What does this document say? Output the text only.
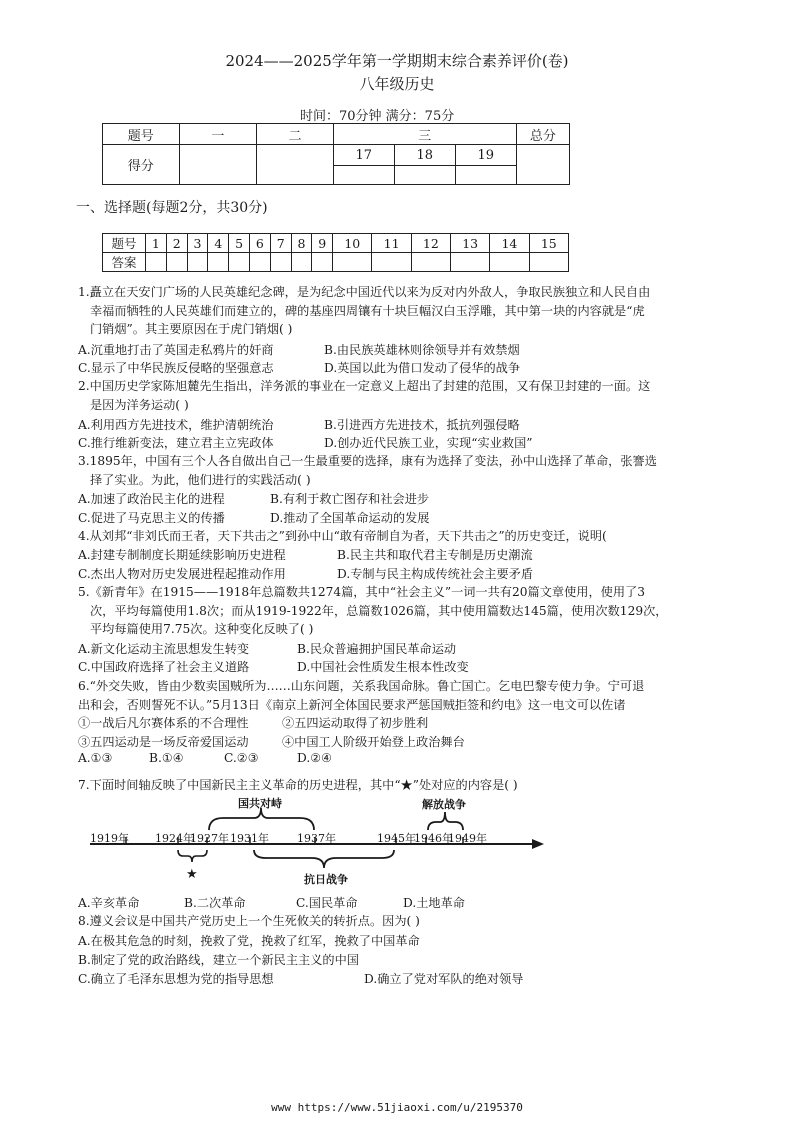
2024——2025学年第一学期期末综合素养评价(卷)
八年级历史
时间：70分钟 满分：75分
题号	一	二	三			总分
得分			17	18	19	

一、选择题(每题2分，共30分)
题号	1	2	3	4	5	6	7	8	9	10	11	12	13	14	15
答案															
1.矗立在天安门广场的人民英雄纪念碑，是为纪念中国近代以来为反对内外敌人，争取民族独立和人民自由
幸福而牺牲的人民英雄们而建立的，碑的基座四周镶有十块巨幅汉白玉浮雕，其中第一块的内容就是“虎
门销烟”。其主要原因在于虎门销烟( )
A.沉重地打击了英国走私鸦片的奸商	B.由民族英雄林则徐领导并有效禁烟
C.显示了中华民族反侵略的坚强意志	D.英国以此为借口发动了侵华的战争
2.中国历史学家陈旭麓先生指出，洋务派的事业在一定意义上超出了封建的范围，又有保卫封建的一面。这
是因为洋务运动( )
A.利用西方先进技术，维护清朝统治	B.引进西方先进技术，抵抗列强侵略
C.推行维新变法，建立君主立宪政体	D.创办近代民族工业，实现“实业救国”
3.1895年，中国有三个人各自做出自己一生最重要的选择，康有为选择了变法，孙中山选择了革命，张謇选
择了实业。为此，他们进行的实践活动( )
A.加速了政治民主化的进程	B.有利于救亡图存和社会进步
C.促进了马克思主义的传播	D.推动了全国革命运动的发展
4.从刘邦“非刘氏而王者，天下共击之”到孙中山“敢有帝制自为者，天下共击之”的历史变迁，说明(
A.封建专制制度长期延续影响历史进程	B.民主共和取代君主专制是历史潮流
C.杰出人物对历史发展进程起推动作用	D.专制与民主构成传统社会主要矛盾
5.《新青年》在1915——1918年总篇数共1274篇，其中“社会主义”一词一共有20篇文章使用，使用了3
次，平均每篇使用1.8次；而从1919-1922年，总篇数1026篇，其中使用篇数达145篇，使用次数129次，
平均每篇使用7.75次。这种变化反映了( )
A.新文化运动主流思想发生转变	B.民众普遍拥护国民革命运动
C.中国政府选择了社会主义道路	D.中国社会性质发生根本性改变
6.“外交失败，皆由少数卖国贼所为……山东问题，关系我国命脉。鲁亡国亡。乞电巴黎专使力争。宁可退
出和会，否则誓死不认。”5月13日《南京上新河全体国民要求严惩国贼拒签和约电》这一电文可以佐诸
①一战后凡尔赛体系的不合理性	②五四运动取得了初步胜利
③五四运动是一场反帝爱国运动	④中国工人阶级开始登上政治舞台
A.①③	B.①④	C.②③	D.②④
7.下面时间轴反映了中国新民主主义革命的历史进程，其中“★”处对应的内容是( )
1919年 1924年
1927年 1931年	1937年	1945年
1946年
1949年
国共对峙	解放战争
★	抗日战争
A.辛亥革命	B.二次革命	C.国民革命	D.土地革命
8.遵义会议是中国共产党历史上一个生死攸关的转折点。因为( )
A.在极其危急的时刻，挽救了党，挽救了红军，挽救了中国革命
B.制定了党的政治路线，建立一个新民主主义的中国
C.确立了毛泽东思想为党的指导思想	D.确立了党对军队的绝对领导
www https://www.51jiaoxi.com/u/2195370
